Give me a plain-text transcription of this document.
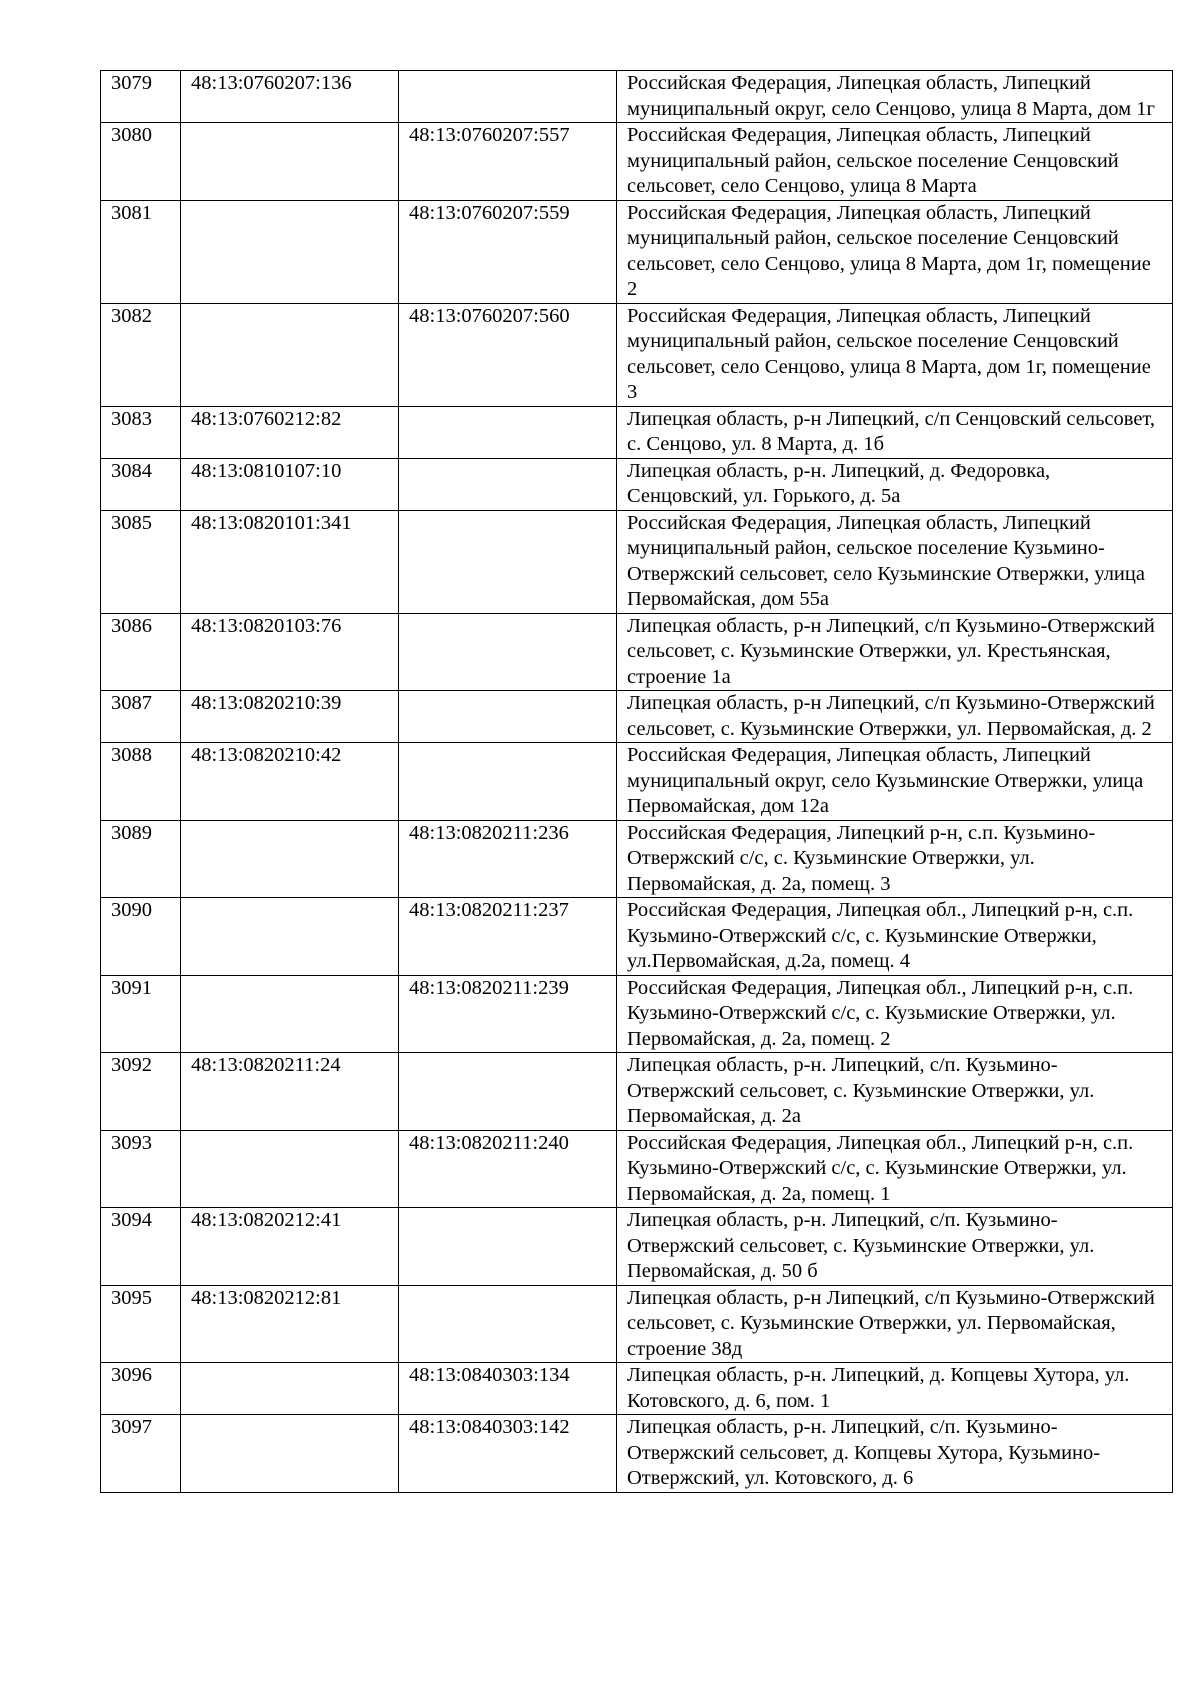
3079	48:13:0760207:136		Российская Федерация, Липецкая область, Липецкий муниципальный округ, село Сенцово, улица 8 Марта, дом 1г
3080		48:13:0760207:557	Российская Федерация, Липецкая область, Липецкий муниципальный район, сельское поселение Сенцовский сельсовет, село Сенцово, улица 8 Марта
3081		48:13:0760207:559	Российская Федерация, Липецкая область, Липецкий муниципальный район, сельское поселение Сенцовский сельсовет, село Сенцово, улица 8 Марта, дом 1г, помещение 2
3082		48:13:0760207:560	Российская Федерация, Липецкая область, Липецкий муниципальный район, сельское поселение Сенцовский сельсовет, село Сенцово, улица 8 Марта, дом 1г, помещение 3
3083	48:13:0760212:82		Липецкая область, р-н Липецкий, с/п Сенцовский сельсовет, с. Сенцово, ул. 8 Марта, д. 1б
3084	48:13:0810107:10		Липецкая область, р-н. Липецкий, д. Федоровка, Сенцовский, ул. Горького, д. 5а
3085	48:13:0820101:341		Российская Федерация, Липецкая область, Липецкий муниципальный район, сельское поселение Кузьмино-Отвержский сельсовет, село Кузьминские Отвержки, улица Первомайская, дом 55а
3086	48:13:0820103:76		Липецкая область, р-н Липецкий, с/п Кузьмино-Отвержский сельсовет, с. Кузьминские Отвержки, ул. Крестьянская, строение 1а
3087	48:13:0820210:39		Липецкая область, р-н Липецкий, с/п Кузьмино-Отвержский сельсовет, с. Кузьминские Отвержки, ул. Первомайская, д. 2
3088	48:13:0820210:42		Российская Федерация, Липецкая область, Липецкий муниципальный округ, село Кузьминские Отвержки, улица Первомайская, дом 12а
3089		48:13:0820211:236	Российская Федерация, Липецкий р-н, с.п. Кузьмино-Отвержский с/с, с. Кузьминские Отвержки, ул. Первомайская, д. 2а, помещ. 3
3090		48:13:0820211:237	Российская Федерация, Липецкая обл., Липецкий р-н, с.п. Кузьмино-Отвержский с/с, с. Кузьминские Отвержки, ул.Первомайская, д.2а, помещ. 4
3091		48:13:0820211:239	Российская Федерация, Липецкая обл., Липецкий р-н, с.п. Кузьмино-Отвержский с/с, с. Кузьмиские Отвержки, ул. Первомайская, д. 2а, помещ. 2
3092	48:13:0820211:24		Липецкая область, р-н. Липецкий, с/п. Кузьмино-Отвержский сельсовет, с. Кузьминские Отвержки, ул. Первомайская, д. 2а
3093		48:13:0820211:240	Российская Федерация, Липецкая обл., Липецкий р-н, с.п. Кузьмино-Отвержский с/с, с. Кузьминские Отвержки, ул. Первомайская, д. 2а, помещ. 1
3094	48:13:0820212:41		Липецкая область, р-н. Липецкий, с/п. Кузьмино-Отвержский сельсовет, с. Кузьминские Отвержки, ул. Первомайская, д. 50 б
3095	48:13:0820212:81		Липецкая область, р-н Липецкий, с/п Кузьмино-Отвержский сельсовет, с. Кузьминские Отвержки, ул. Первомайская, строение 38д
3096		48:13:0840303:134	Липецкая область, р-н. Липецкий, д. Копцевы Хутора, ул. Котовского, д. 6, пом. 1
3097		48:13:0840303:142	Липецкая область, р-н. Липецкий, с/п. Кузьмино-Отвержский сельсовет, д. Копцевы Хутора, Кузьмино-Отвержский, ул. Котовского, д. 6
